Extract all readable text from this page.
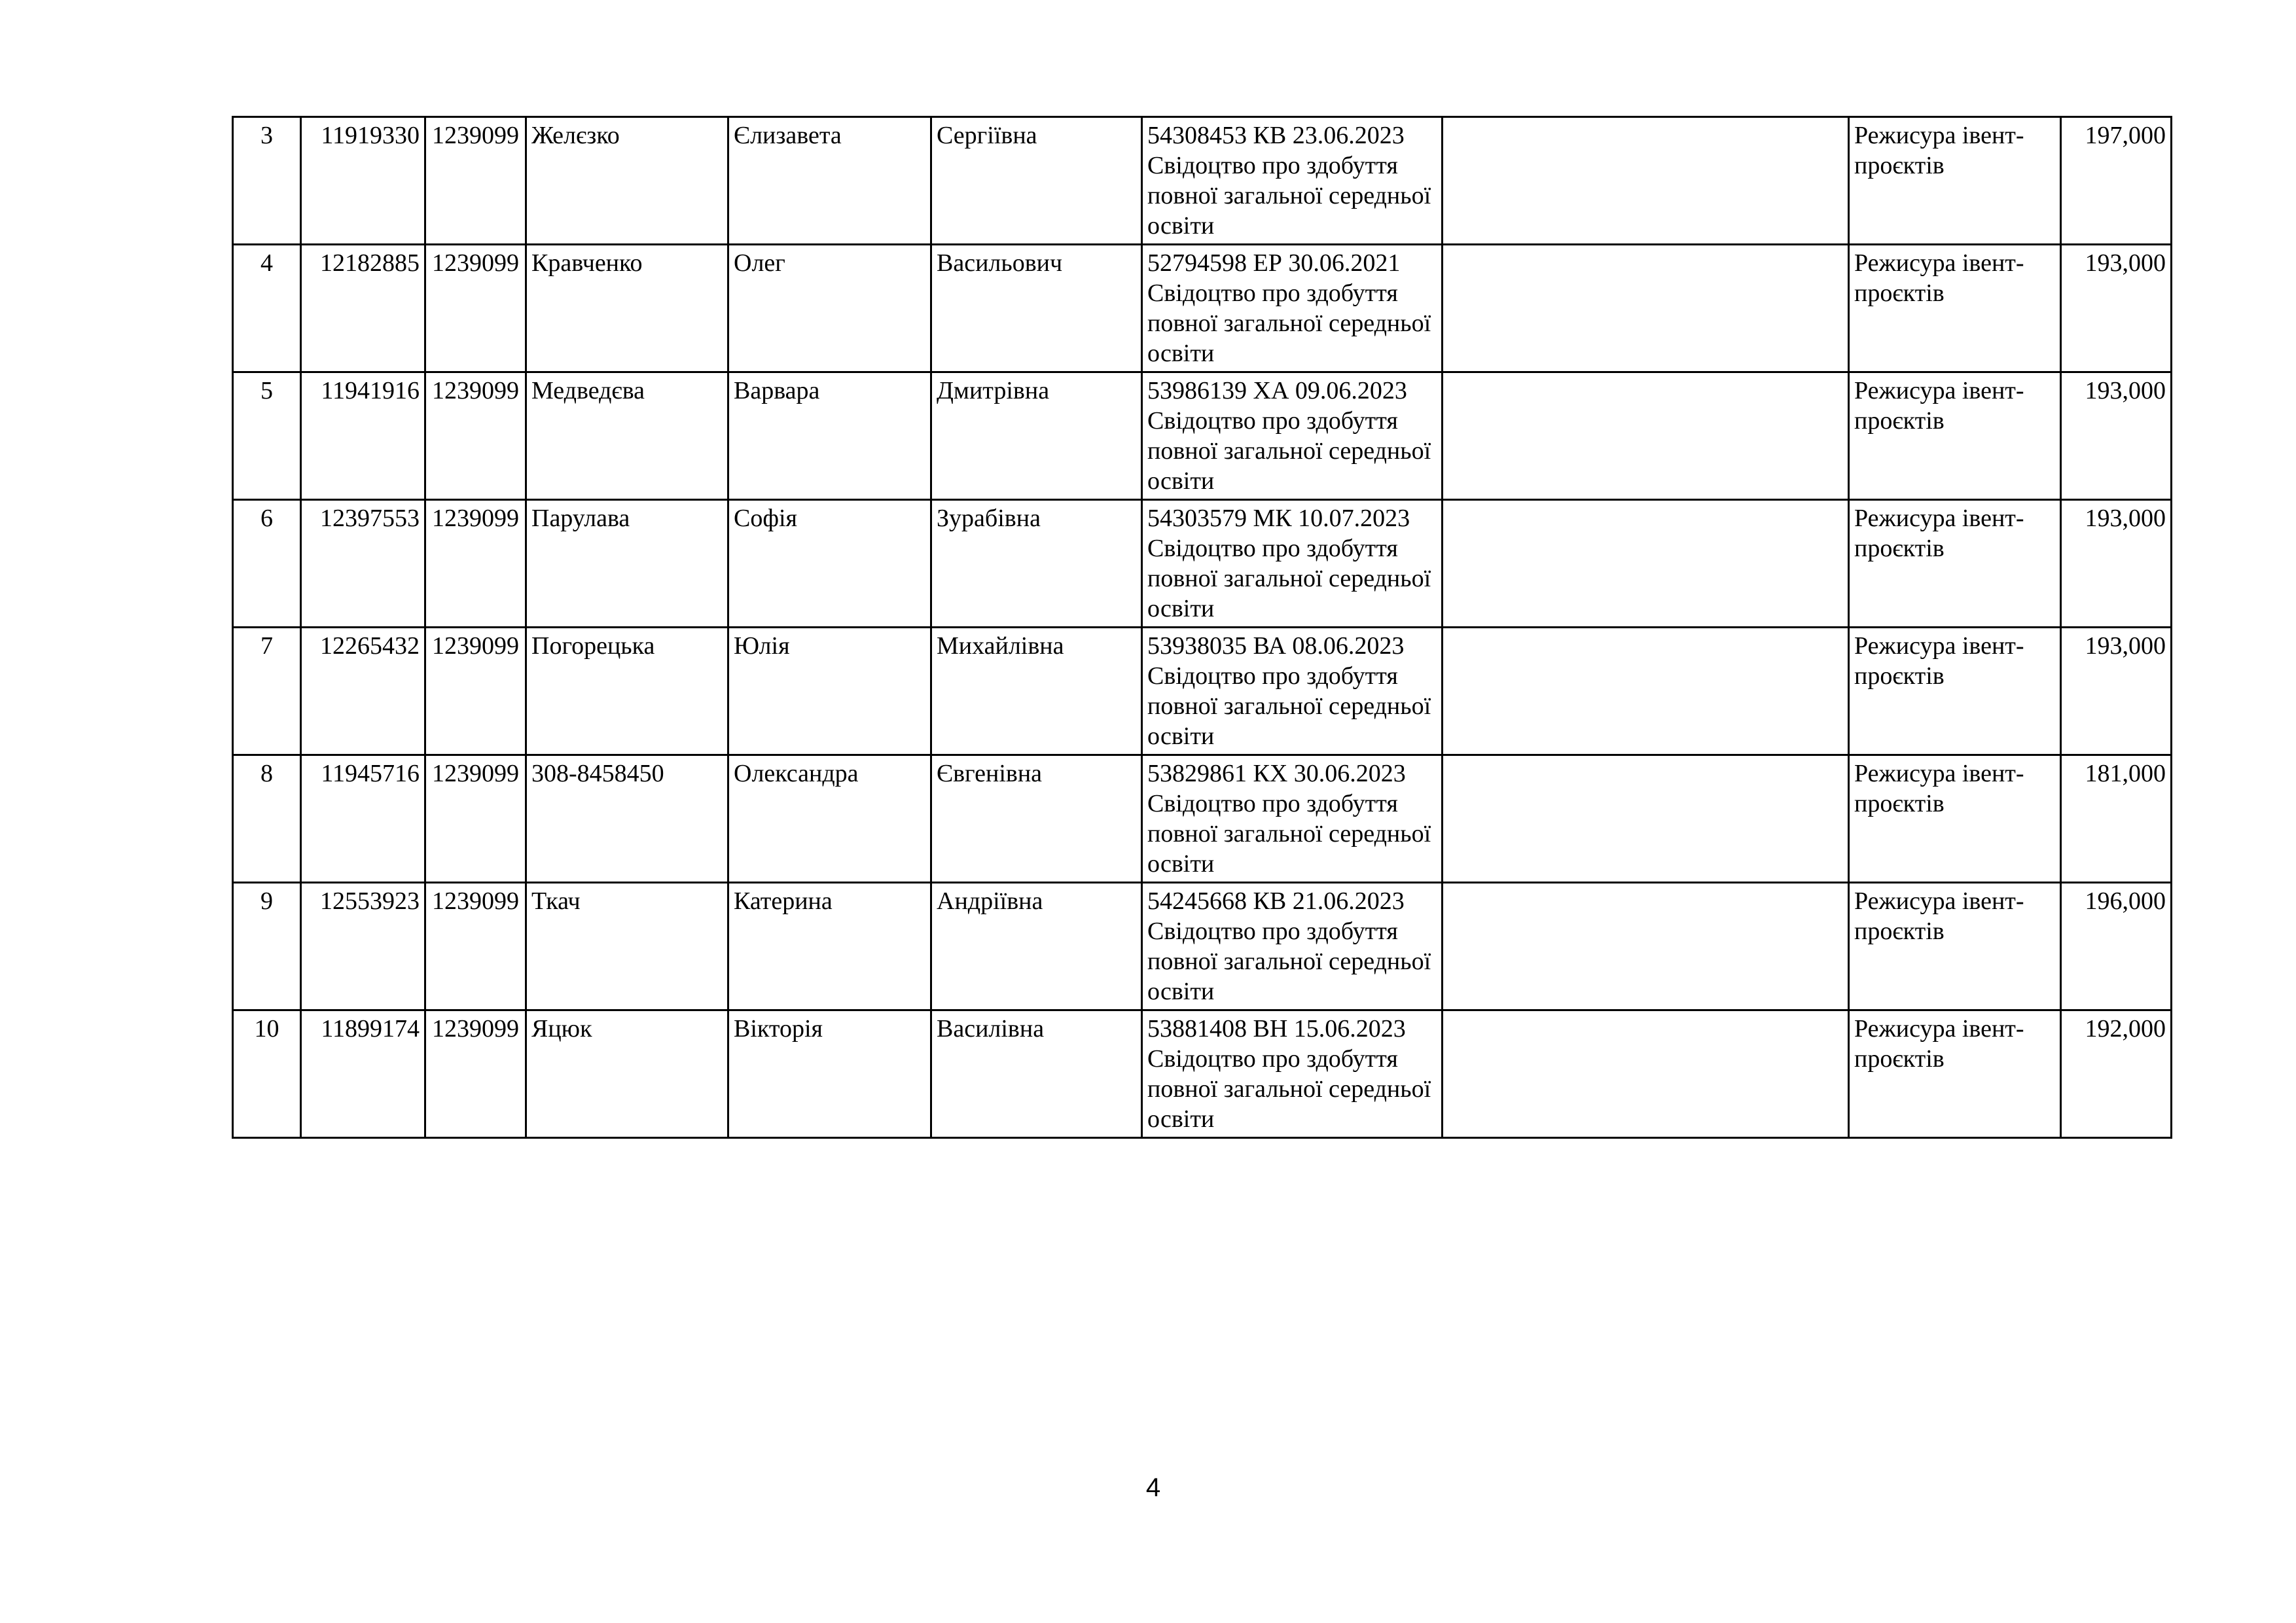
3	11919330	1239099	Желєзко	Єлизавета	Сергіївна	54308453 КВ 23.06.2023 Свідоцтво про здобуття повної загальної середньої освіти		Режисура івент-проєктів	197,000
4	12182885	1239099	Кравченко	Олег	Васильович	52794598 ЕР 30.06.2021 Свідоцтво про здобуття повної загальної середньої освіти		Режисура івент-проєктів	193,000
5	11941916	1239099	Медведєва	Варвара	Дмитрівна	53986139 ХА 09.06.2023 Свідоцтво про здобуття повної загальної середньої освіти		Режисура івент-проєктів	193,000
6	12397553	1239099	Парулава	Софія	Зурабівна	54303579 МК 10.07.2023 Свідоцтво про здобуття повної загальної середньої освіти		Режисура івент-проєктів	193,000
7	12265432	1239099	Погорецька	Юлія	Михайлівна	53938035 ВА 08.06.2023 Свідоцтво про здобуття повної загальної середньої освіти		Режисура івент-проєктів	193,000
8	11945716	1239099	308-8458450	Олександра	Євгенівна	53829861 КХ 30.06.2023 Свідоцтво про здобуття повної загальної середньої освіти		Режисура івент-проєктів	181,000
9	12553923	1239099	Ткач	Катерина	Андріївна	54245668 КВ 21.06.2023 Свідоцтво про здобуття повної загальної середньої освіти		Режисура івент-проєктів	196,000
10	11899174	1239099	Яцюк	Вікторія	Василівна	53881408 ВН 15.06.2023 Свідоцтво про здобуття повної загальної середньої освіти		Режисура івент-проєктів	192,000
4
